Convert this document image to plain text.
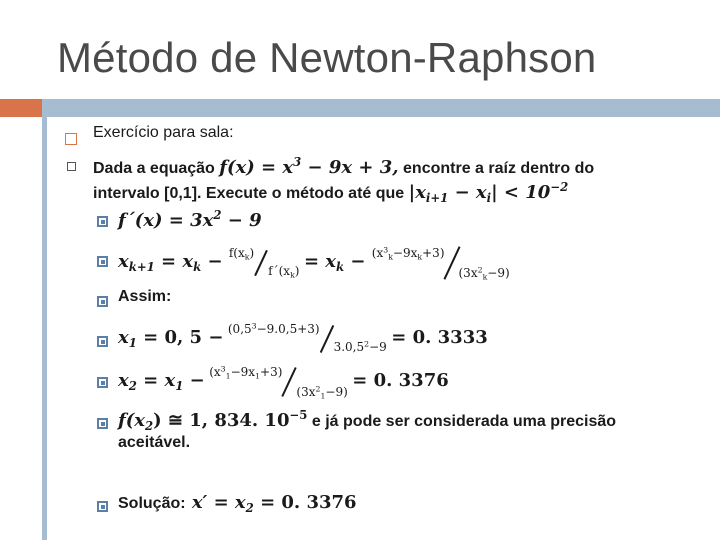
Método de Newton-Raphson
Exercício para sala:
Dada a equação $f(x) = x^3 - 9x + 3$, encontre a raíz dentro do
intervalo [0,1]. Execute o método até que $|x_{i+1} - x_i| < 10^{-2}$
f´(x) = $3x^2 - 9$
$x_{k+1} = x_k - ^{f(x_k)}_{f´(x_k)} = x_k - ^{(x^3_k-9x_k+3)}_{(3x^2_k-9)}$
Assim:
$x_1 = 0$, 5 − $^{(0,5^3-9.0,5+3)}_{3.0,5^2-9}$ = 0. 3333
$x_2 = x_1 - ^{(x^3_1-9x_1+3)}_{(3x^2_1-9)} = 0$. 3376
$f(x_2)$ ≅ 1, 834. $10^{-5}$ e já pode ser considerada uma precisão
aceitável.
Solução: $x' = x_2 = 0$. 3376
